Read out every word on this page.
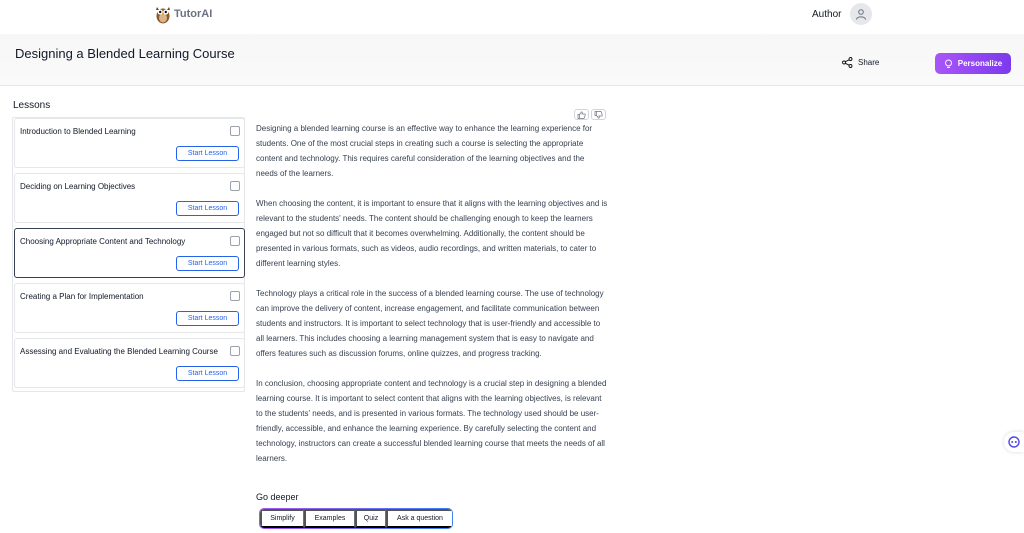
TutorAI	Author
Designing a Blended Learning Course
Share	Personalize
Lessons
Introduction to Blended Learning
Start Lesson
Deciding on Learning Objectives
Start Lesson
Choosing Appropriate Content and Technology
Start Lesson
Creating a Plan for Implementation
Start Lesson
Assessing and Evaluating the Blended Learning Course
Start Lesson

Designing a blended learning course is an effective way to enhance the learning experience for students. One of the most crucial steps in creating such a course is selecting the appropriate content and technology. This requires careful consideration of the learning objectives and the needs of the learners.

When choosing the content, it is important to ensure that it aligns with the learning objectives and is relevant to the students' needs. The content should be challenging enough to keep the learners engaged but not so difficult that it becomes overwhelming. Additionally, the content should be presented in various formats, such as videos, audio recordings, and written materials, to cater to different learning styles.

Technology plays a critical role in the success of a blended learning course. The use of technology can improve the delivery of content, increase engagement, and facilitate communication between students and instructors. It is important to select technology that is user-friendly and accessible to all learners. This includes choosing a learning management system that is easy to navigate and offers features such as discussion forums, online quizzes, and progress tracking.

In conclusion, choosing appropriate content and technology is a crucial step in designing a blended learning course. It is important to select content that aligns with the learning objectives, is relevant to the students' needs, and is presented in various formats. The technology used should be user-friendly, accessible, and enhance the learning experience. By carefully selecting the content and technology, instructors can create a successful blended learning course that meets the needs of all learners.

Go deeper
Simplify	Examples	Quiz	Ask a question
